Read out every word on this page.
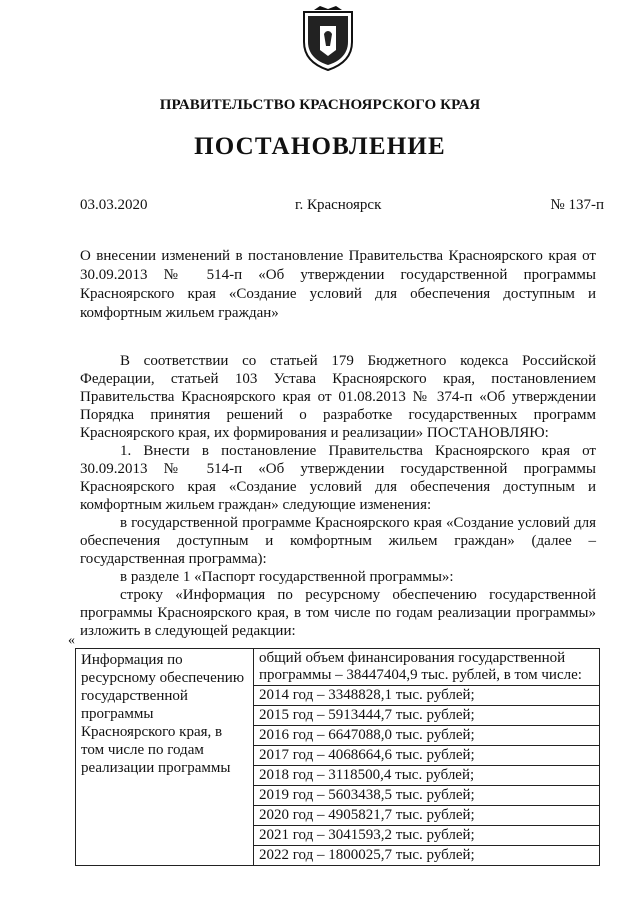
ПРАВИТЕЛЬСТВО КРАСНОЯРСКОГО КРАЯ
ПОСТАНОВЛЕНИЕ
03.03.2020	г. Красноярск	№ 137-п
О внесении изменений в постановление Правительства Красноярского края от 30.09.2013 № 514-п «Об утверждении государственной программы Красноярского края «Создание условий для обеспечения доступным и комфортным жильем граждан»

В соответствии со статьей 179 Бюджетного кодекса Российской Федерации, статьей 103 Устава Красноярского края, постановлением Правительства Красноярского края от 01.08.2013 № 374-п «Об утверждении Порядка принятия решений о разработке государственных программ Красноярского края, их формирования и реализации» ПОСТАНОВЛЯЮ:

1. Внести в постановление Правительства Красноярского края от 30.09.2013 № 514-п «Об утверждении государственной программы Красноярского края «Создание условий для обеспечения доступным и комфортным жильем граждан» следующие изменения:

в государственной программе Красноярского края «Создание условий для обеспечения доступным и комфортным жильем граждан» (далее – государственная программа):

в разделе 1 «Паспорт государственной программы»:

строку «Информация по ресурсному обеспечению государственной программы Красноярского края, в том числе по годам реализации программы» изложить в следующей редакции:

«
Информация по ресурсному обеспечению государственной программы Красноярского края, в том числе по годам реализации программы	
общий объем финансирования государственной программы – 38447404,9 тыс. рублей, в том числе:
2014 год – 3348828,1 тыс. рублей;
2015 год – 5913444,7 тыс. рублей;
2016 год – 6647088,0 тыс. рублей;
2017 год – 4068664,6 тыс. рублей;
2018 год – 3118500,4 тыс. рублей;
2019 год – 5603438,5 тыс. рублей;
2020 год – 4905821,7 тыс. рублей;
2021 год – 3041593,2 тыс. рублей;
2022 год – 1800025,7 тыс. рублей;
